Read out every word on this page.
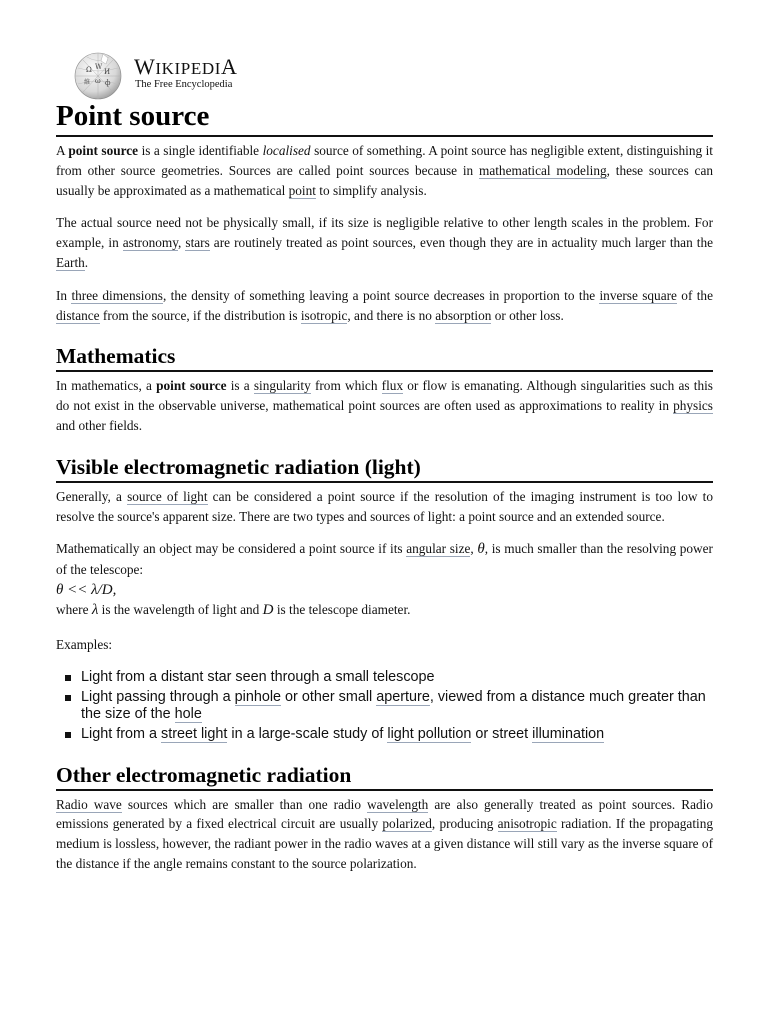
Ω W
И
維 ω ф
WIKIPEDIA
The Free Encyclopedia
Point source

A point source is a single identifiable localised source of something. A point source has negligible extent, distinguishing it from other source geometries. Sources are called point sources because in mathematical modeling, these sources can usually be approximated as a mathematical point to simplify analysis.

The actual source need not be physically small, if its size is negligible relative to other length scales in the problem. For example, in astronomy, stars are routinely treated as point sources, even though they are in actuality much larger than the Earth.

In three dimensions, the density of something leaving a point source decreases in proportion to the inverse square of the distance from the source, if the distribution is isotropic, and there is no absorption or other loss.

Mathematics

In mathematics, a point source is a singularity from which flux or flow is emanating. Although singularities such as this do not exist in the observable universe, mathematical point sources are often used as approximations to reality in physics and other fields.

Visible electromagnetic radiation (light)

Generally, a source of light can be considered a point source if the resolution of the imaging instrument is too low to resolve the source's apparent size. There are two types and sources of light: a point source and an extended source.

Mathematically an object may be considered a point source if its angular size, θ, is much smaller than the resolving power of the telescope:

θ << λ/D,

where λ is the wavelength of light and D is the telescope diameter.

Examples:

Light from a distant star seen through a small telescope
Light passing through a pinhole or other small aperture, viewed from a distance much greater than the size of the hole
Light from a street light in a large-scale study of light pollution or street illumination
Other electromagnetic radiation

Radio wave sources which are smaller than one radio wavelength are also generally treated as point sources. Radio emissions generated by a fixed electrical circuit are usually polarized, producing anisotropic radiation. If the propagating medium is lossless, however, the radiant power in the radio waves at a given distance will still vary as the inverse square of the distance if the angle remains constant to the source polarization.
